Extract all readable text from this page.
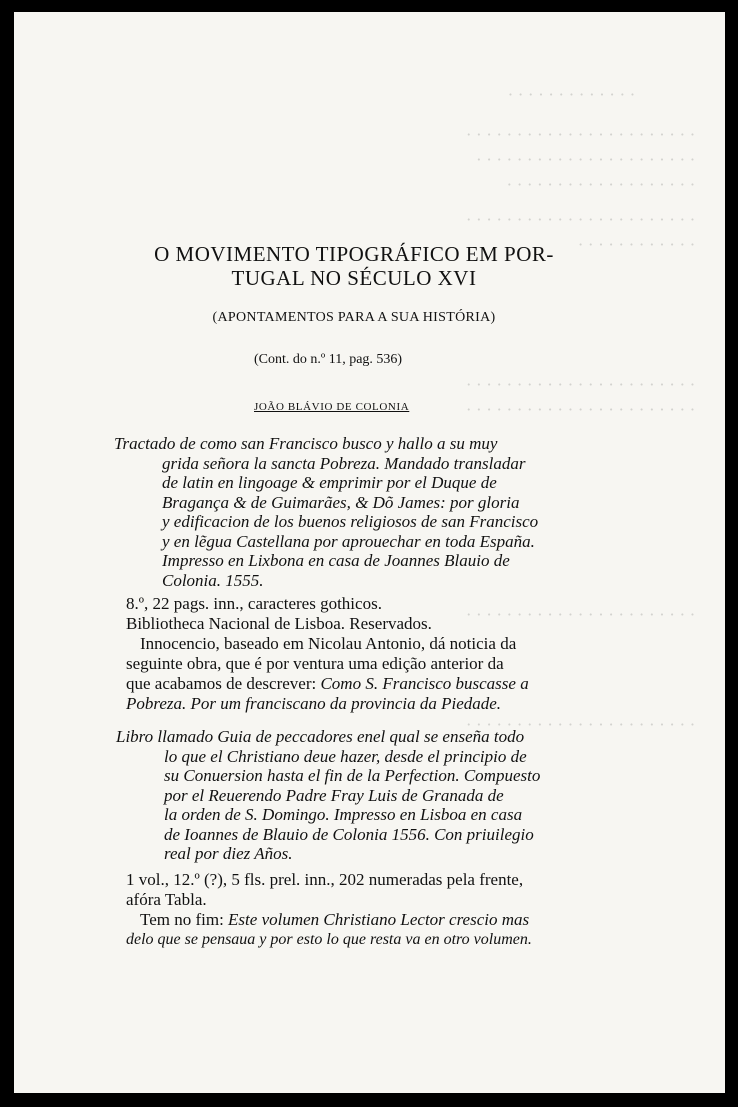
· · · · · · · · · · · · ·
· · · · · · · · · · · · · · · · · · · · · · ·
· · · · · · · · · · · · · · · · · · · · · ·
· · · · · · · · · · · · · · · · · · ·
· · · · · · · · · · · · · · · · · · · · · · ·
· · · · · · · · · · · ·
· · · · · · · · · · · · · · · · · · · · · · ·
· · · · · · · · · · · · · · · · · · · · · · ·
· · · · · · · · · · · · · · · · · · · · · · ·
· · · · · · · · · · · · · · · · · · · · · · ·
O MOVIMENTO TIPOGRÁFICO EM POR-
TUGAL NO SÉCULO XVI
(APONTAMENTOS PARA A SUA HISTÓRIA)
(Cont. do n.º 11, pag. 536)
JOÃO BLÁVIO DE COLONIA
Tractado de como san Francisco busco y hallo a su muy
grida señora la sancta Pobreza. Mandado transladar
de latin en lingoage & emprimir por el Duque de
Bragança & de Guimarães, & Dõ James: por gloria
y edificacion de los buenos religiosos de san Francisco
y en lẽgua Castellana por aprouechar en toda España.
Impresso en Lixbona en casa de Joannes Blauio de
Colonia. 1555.

8.º, 22 pags. inn., caracteres gothicos.

Bibliotheca Nacional de Lisboa. Reservados.

Innocencio, baseado em Nicolau Antonio, dá noticia da

seguinte obra, que é por ventura uma edição anterior da

que acabamos de descrever: Como S. Francisco buscasse a

Pobreza. Por um franciscano da provincia da Piedade.

Libro llamado Guia de peccadores enel qual se enseña todo
lo que el Christiano deue hazer, desde el principio de
su Conuersion hasta el fin de la Perfection. Compuesto
por el Reuerendo Padre Fray Luis de Granada de
la orden de S. Domingo. Impresso en Lisboa en casa
de Ioannes de Blauio de Colonia 1556. Con priuilegio
real por diez Años.

1 vol., 12.º (?), 5 fls. prel. inn., 202 numeradas pela frente,

afóra Tabla.

Tem no fim: Este volumen Christiano Lector crescio mas

delo que se pensaua y por esto lo que resta va en otro volumen.
